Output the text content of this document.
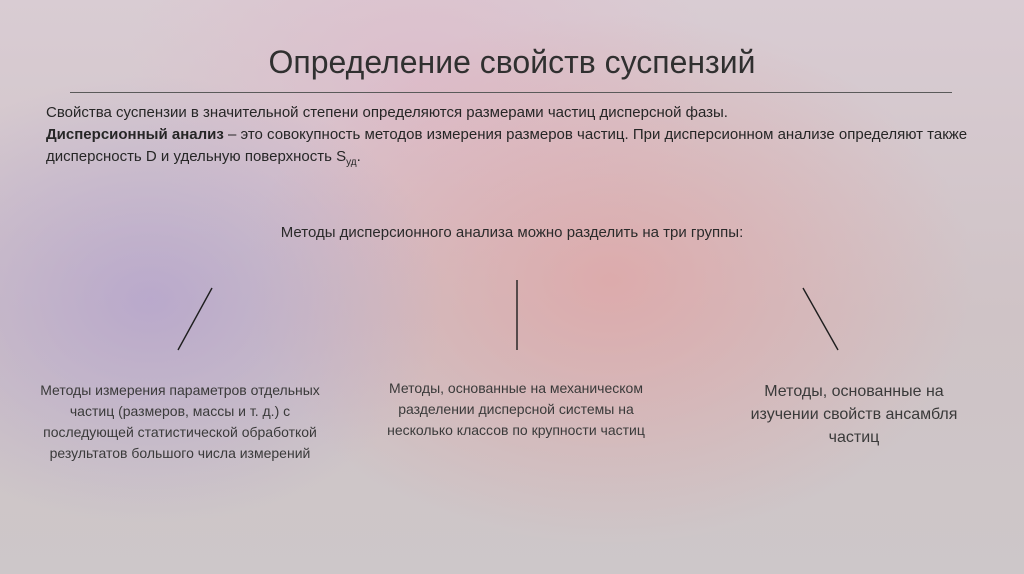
Определение свойств суспензий

Свойства суспензии в значительной степени определяются размерами частиц дисперсной фазы.

Дисперсионный анализ – это совокупность методов измерения размеров частиц. При дисперсионном анализе определяют также дисперсность D и удельную поверхность $S_{уд}$.

Методы дисперсионного анализа можно разделить на три группы:
Методы измерения параметров отдельных
частиц (размеров, массы и т. д.) с
последующей статистической обработкой
результатов большого числа измерений
Методы, основанные на механическом
разделении дисперсной системы на
несколько классов по крупности частиц
Методы, основанные на
изучении свойств ансамбля
частиц
